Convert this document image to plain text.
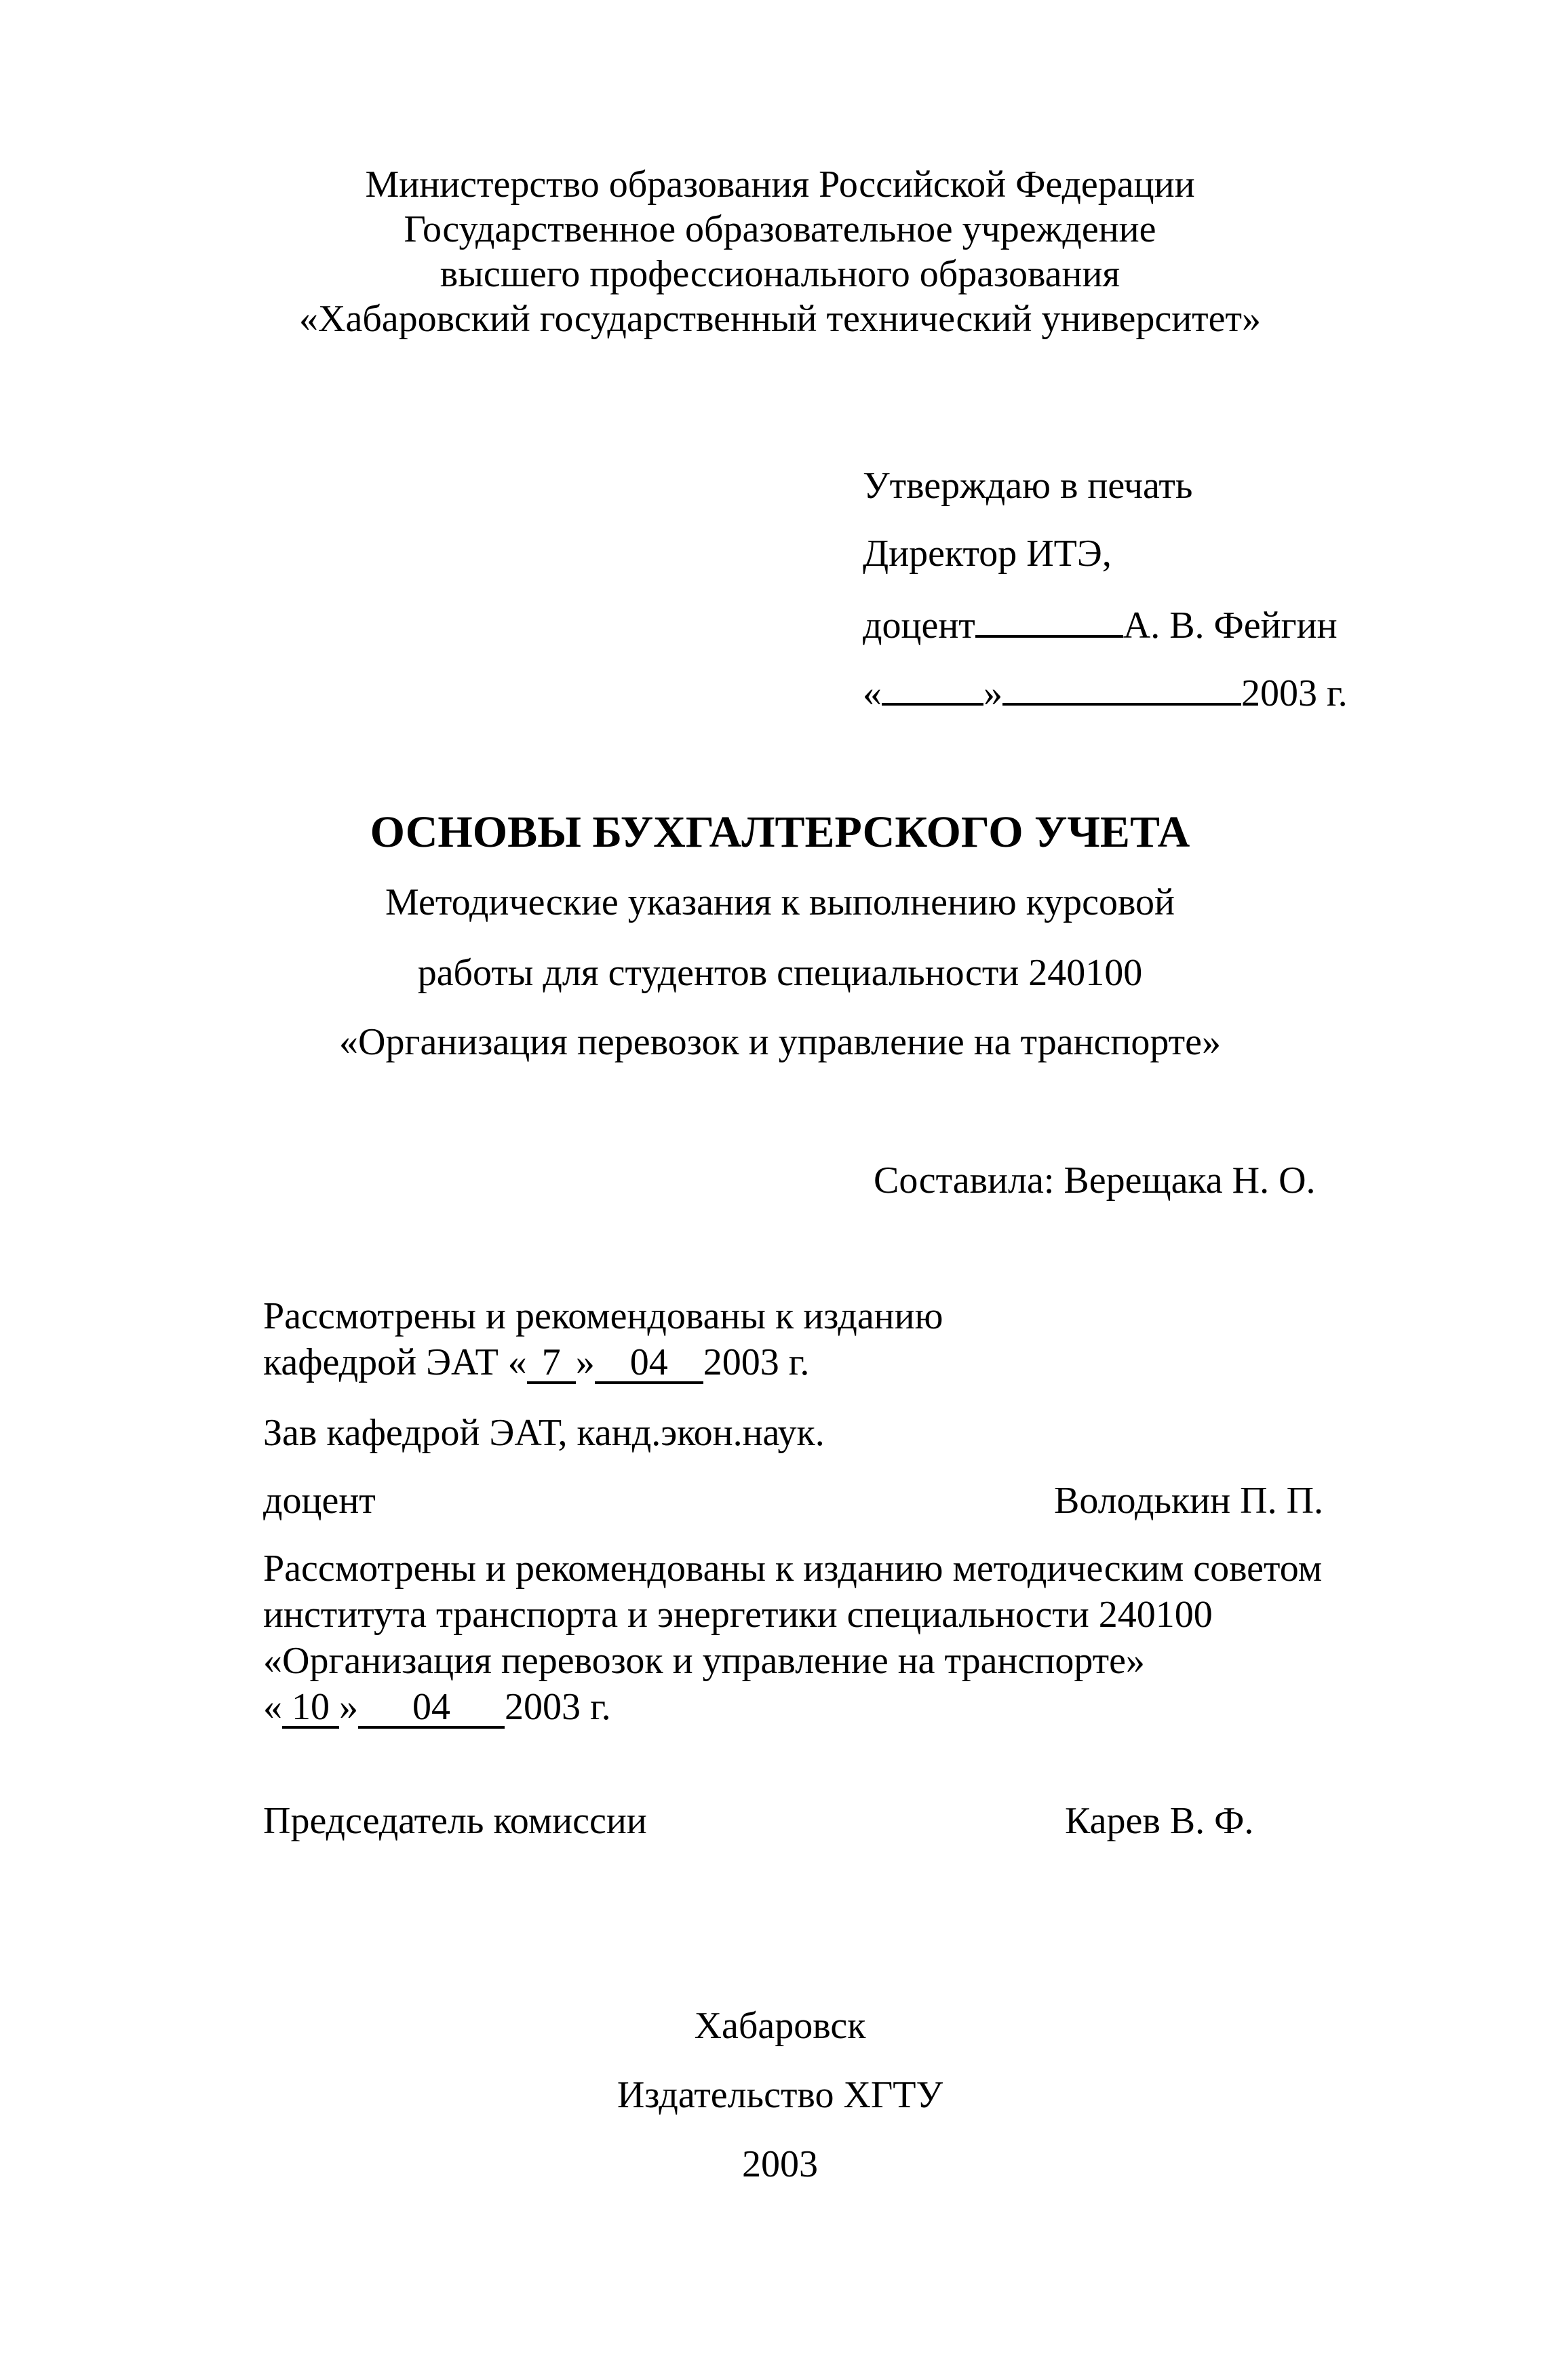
Министерство образования Российской Федерации
Государственное образовательное учреждение
высшего профессионального образования
«Хабаровский государственный технический университет»
Утверждаю в печать
Директор ИТЭ,
доцент	А. В. Фейгин
«	»	2003 г.
ОСНОВЫ БУХГАЛТЕРСКОГО УЧЕТА
Методические указания к выполнению курсовой
работы для студентов специальности 240100
«Организация перевозок и управление на транспорте»
Составила: Верещака Н. О.
Рассмотрены и рекомендованы к изданию
кафедрой ЭАТ « 7 » 04 2003 г.
Зав кафедрой ЭАТ, канд.экон.наук.
доцент	Володькин П. П.
Рассмотрены и рекомендованы к изданию методическим советом
института транспорта и энергетики специальности 240100
«Организация перевозок и управление на транспорте»
« 10 » 04 2003 г.
Председатель комиссии	Карев В. Ф.
Хабаровск
Издательство ХГТУ
2003
